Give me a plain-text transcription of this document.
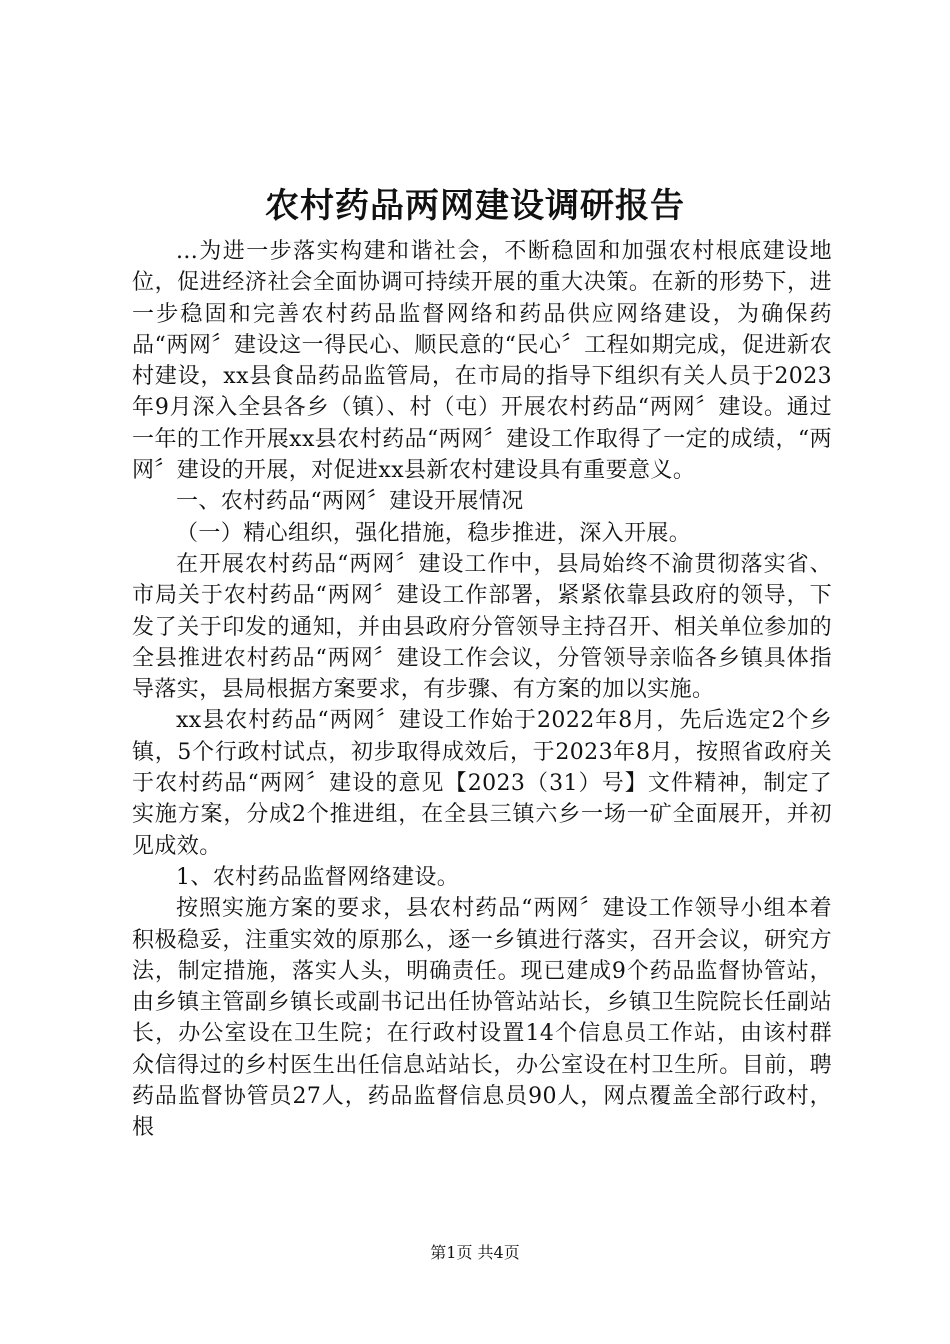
农村药品两网建设调研报告

...为进一步落实构建和谐社会，不断稳固和加强农村根底建设地位，促进经济社会全面协调可持续开展的重大决策。在新的形势下，进一步稳固和完善农村药品监督网络和药品供应网络建设，为确保药品“两网〞建设这一得民心、顺民意的“民心〞工程如期完成，促进新农村建设，xx县食品药品监管局，在市局的指导下组织有关人员于2023年9月深入全县各乡（镇）、村（屯）开展农村药品“两网〞建设。通过一年的工作开展xx县农村药品“两网〞建设工作取得了一定的成绩，“两网〞建设的开展，对促进xx县新农村建设具有重要意义。

一、农村药品“两网〞建设开展情况

（一）精心组织，强化措施，稳步推进，深入开展。

在开展农村药品“两网〞建设工作中，县局始终不渝贯彻落实省、市局关于农村药品“两网〞建设工作部署，紧紧依靠县政府的领导，下发了关于印发的通知，并由县政府分管领导主持召开、相关单位参加的全县推进农村药品“两网〞建设工作会议，分管领导亲临各乡镇具体指导落实，县局根据方案要求，有步骤、有方案的加以实施。

xx县农村药品“两网〞建设工作始于2022年8月，先后选定2个乡镇，5个行政村试点，初步取得成效后，于2023年8月，按照省政府关于农村药品“两网〞建设的意见【2023（31）号】文件精神，制定了实施方案，分成2个推进组，在全县三镇六乡一场一矿全面展开，并初见成效。

1、农村药品监督网络建设。

按照实施方案的要求，县农村药品“两网〞建设工作领导小组本着积极稳妥，注重实效的原那么，逐一乡镇进行落实，召开会议，研究方法，制定措施，落实人头，明确责任。现已建成9个药品监督协管站，由乡镇主管副乡镇长或副书记出任协管站站长，乡镇卫生院院长任副站长，办公室设在卫生院；在行政村设置14个信息员工作站，由该村群众信得过的乡村医生出任信息站站长，办公室设在村卫生所。目前，聘药品监督协管员27人，药品监督信息员90人，网点覆盖全部行政村，根

第1页 共4页
